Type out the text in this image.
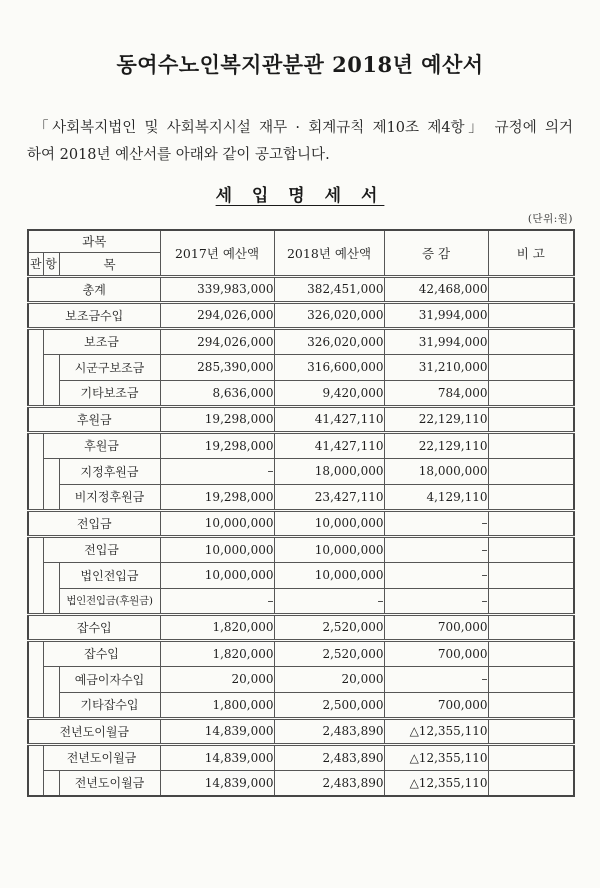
동여수노인복지관분관 2018년 예산서
「사회복지법인 및 사회복지시설 재무 · 회계규칙 제10조 제4항」 규정에 의거
하여 2018년 예산서를 아래와 같이 공고합니다.
세 입 명 세 서
(단위:원)
과목			2017년 예산액	2018년 예산액	증 감	비 고
관	항	목				
총계			339,983,000	382,451,000	42,468,000	
보조금수입			294,026,000	326,020,000	31,994,000	
	보조금		294,026,000	326,020,000	31,994,000	
		시군구보조금	285,390,000	316,600,000	31,210,000	
		기타보조금	8,636,000	9,420,000	784,000	
후원금			19,298,000	41,427,110	22,129,110	
	후원금		19,298,000	41,427,110	22,129,110	
		지정후원금	–	18,000,000	18,000,000	
		비지정후원금	19,298,000	23,427,110	4,129,110	
전입금			10,000,000	10,000,000	–	
	전입금		10,000,000	10,000,000	–	
		법인전입금	10,000,000	10,000,000	–	
		법인전입금(후원금)	–	–	–	
잡수입			1,820,000	2,520,000	700,000	
	잡수입		1,820,000	2,520,000	700,000	
		예금이자수입	20,000	20,000	–	
		기타잡수입	1,800,000	2,500,000	700,000	
전년도이월금			14,839,000	2,483,890	△12,355,110	
	전년도이월금		14,839,000	2,483,890	△12,355,110	
		전년도이월금	14,839,000	2,483,890	△12,355,110	
